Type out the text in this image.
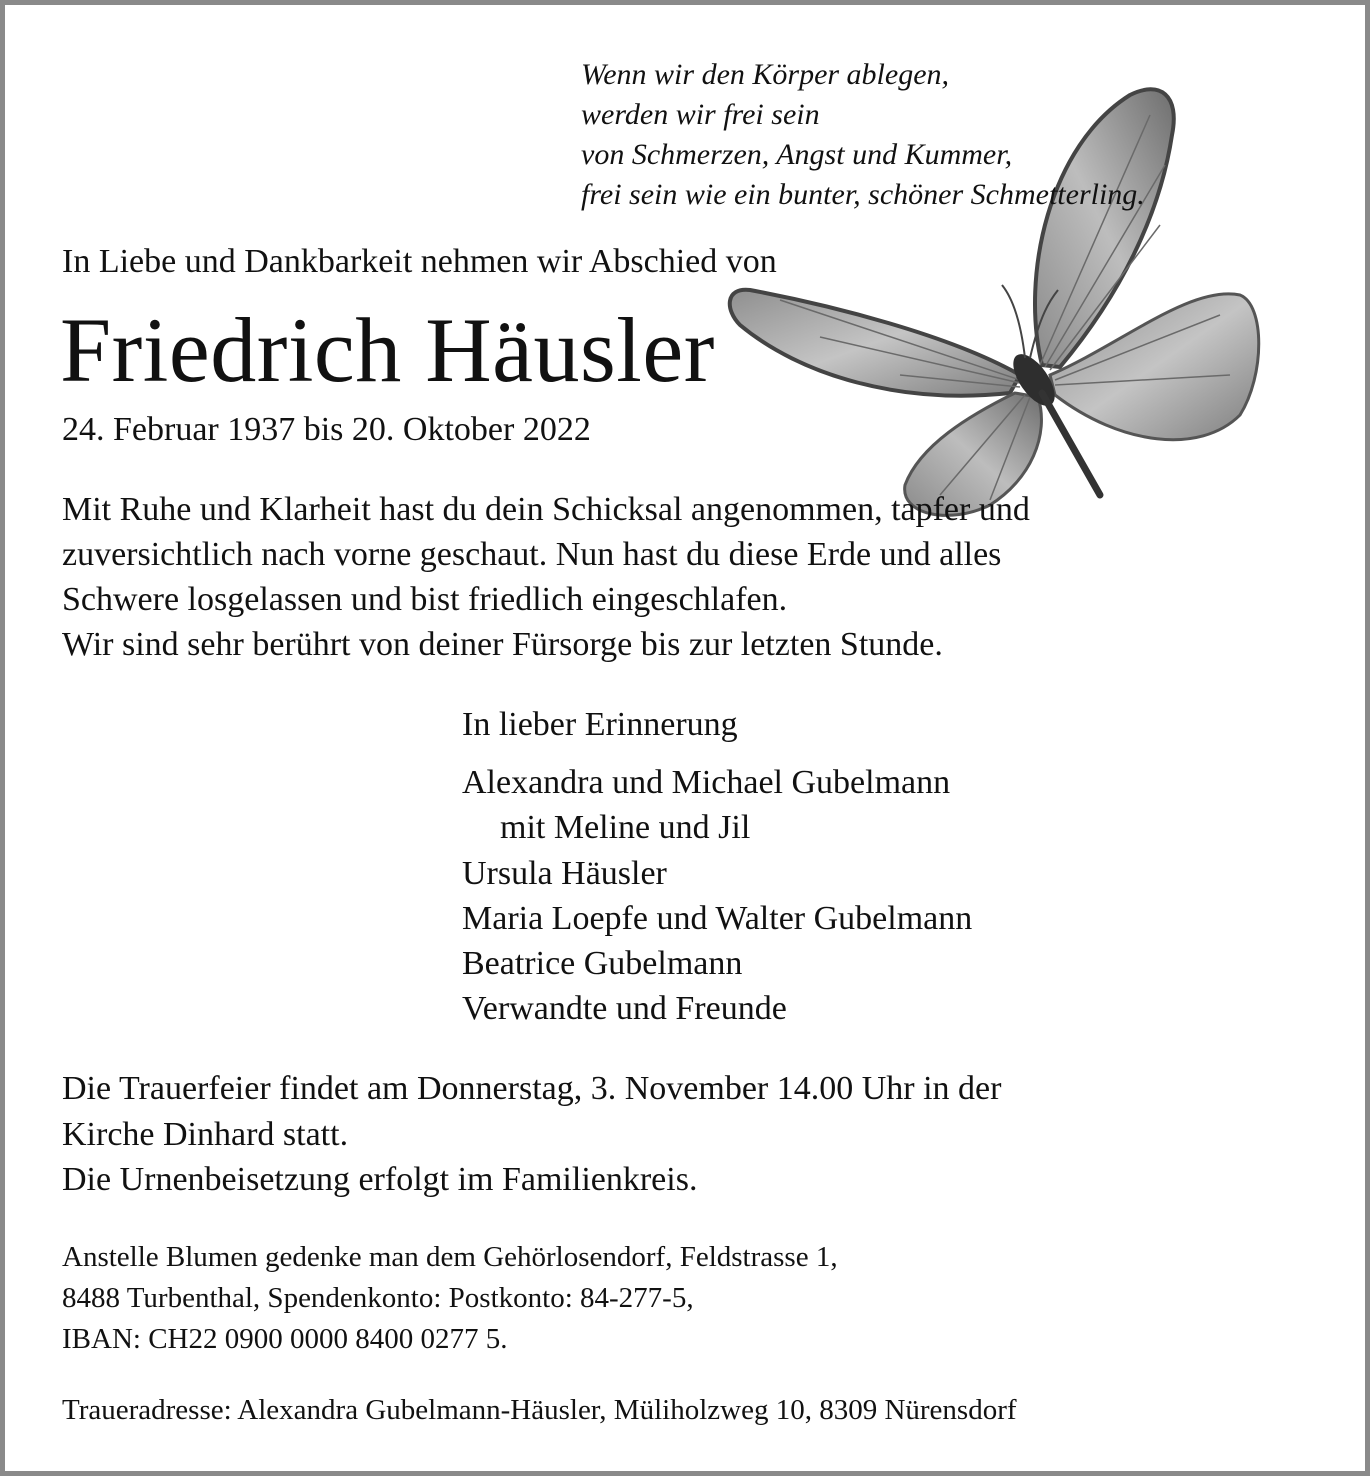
Wenn wir den Körper ablegen,
werden wir frei sein
von Schmerzen, Angst und Kummer,
frei sein wie ein bunter, schöner Schmetterling.
In Liebe und Dankbarkeit nehmen wir Abschied von
Friedrich Häusler
24. Februar 1937 bis 20. Oktober 2022
Mit Ruhe und Klarheit hast du dein Schicksal angenommen, tapfer und
zuversichtlich nach vorne geschaut. Nun hast du diese Erde und alles
Schwere losgelassen und bist friedlich eingeschlafen.
Wir sind sehr berührt von deiner Fürsorge bis zur letzten Stunde.
In lieber Erinnerung
Alexandra und Michael Gubelmann
mit Meline und Jil
Ursula Häusler
Maria Loepfe und Walter Gubelmann
Beatrice Gubelmann
Verwandte und Freunde
Die Trauerfeier findet am Donnerstag, 3. November 14.00 Uhr in der
Kirche Dinhard statt.
Die Urnenbeisetzung erfolgt im Familienkreis.
Anstelle Blumen gedenke man dem Gehörlosendorf, Feldstrasse 1,
8488 Turbenthal, Spendenkonto: Postkonto: 84-277-5,
IBAN: CH22 0900 0000 8400 0277 5.
Traueradresse: Alexandra Gubelmann-Häusler, Müliholzweg 10, 8309 Nürensdorf
